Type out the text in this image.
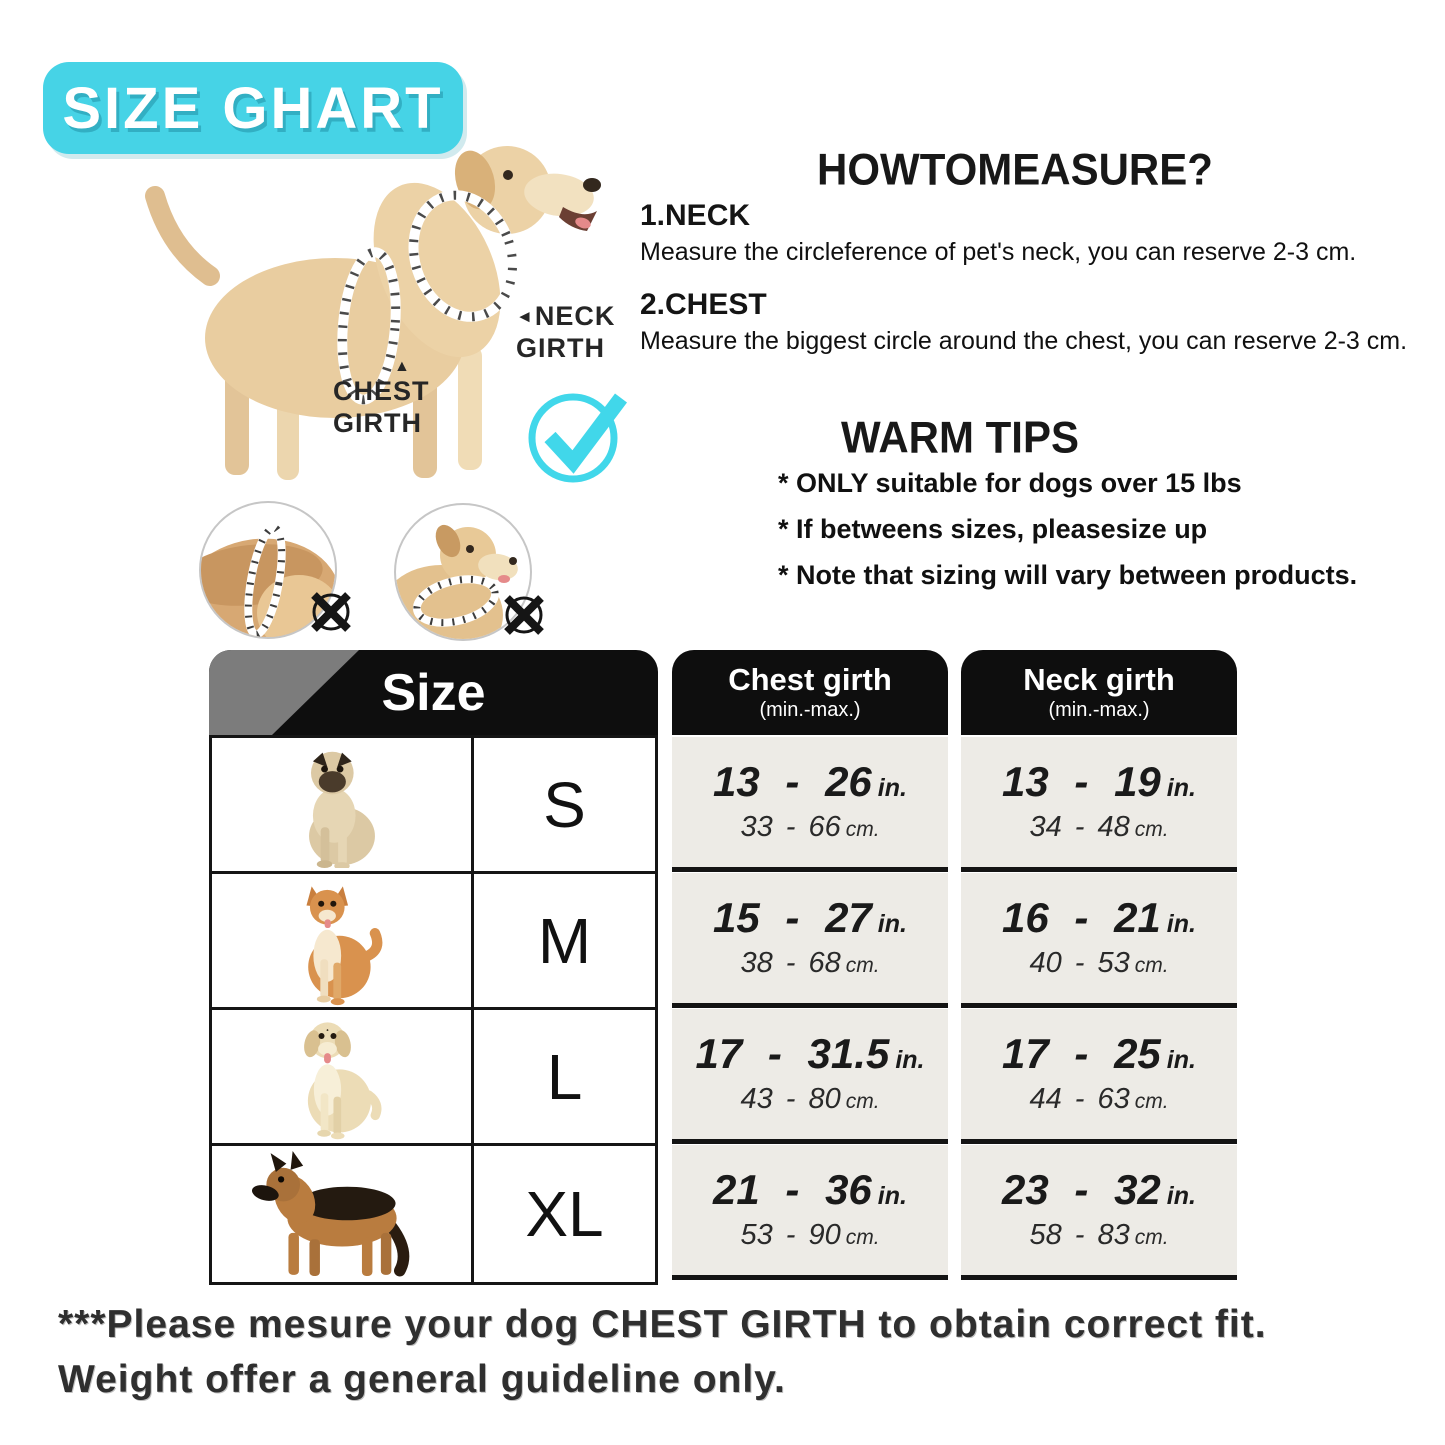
SIZE GHART
◄NECK GIRTH
▲
CHEST GIRTH
HOWTOMEASURE?
1.NECK
Measure the circleference of pet's neck, you can reserve 2-3 cm.
2.CHEST
Measure the biggest circle around the chest, you can reserve 2-3 cm.
WARM TIPS
* ONLY suitable for dogs over 15 lbs
* If betweens sizes, pleasesize up
* Note that sizing will vary between products.
Size	Chest girth
(min.-max.)
Neck girth
(min.-max.)
S
M
L
XL
13 - 26 in.
33 - 66 cm.
15 - 27 in.
38 - 68 cm.
17 - 31.5 in.
43 - 80 cm.
21 - 36 in.
53 - 90 cm.
13 - 19 in.
34 - 48 cm.
16 - 21 in.
40 - 53 cm.
17 - 25 in.
44 - 63 cm.
23 - 32 in.
58 - 83 cm.
***Please mesure your dog CHEST GIRTH to obtain correct fit.
Weight offer a general guideline only.
